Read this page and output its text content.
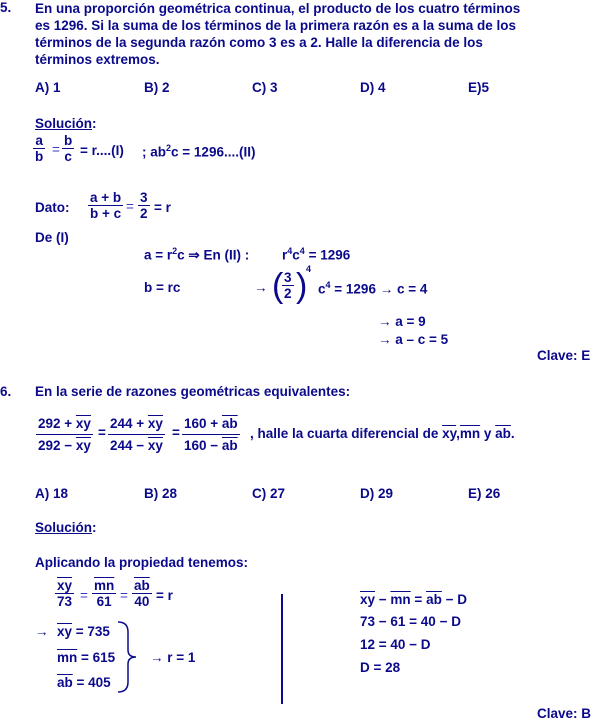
5. En una proporción geométrica continua, el producto de los cuatro términos
es 1296. Si la suma de los términos de la primera razón es a la suma de los
términos de la segunda razón como 3 es a 2. Halle la diferencia de los
términos extremos.
A) 1	B) 2	C) 3	D) 4	E)5
Solución:
$\frac{a}{b} = \frac{b}{c} = r....(I)$ ; $ab^2c = 1296....(II)$
Dato: $\frac{a + b}{b + c} = \frac{3}{2} = r$
De (I)
$a = r^2c$ ⇒ En (II) : $r^4c^4 = 1296$
b = rc	→ (
$\frac{3}{2}$ )
4
$c^4 = 1296 \to c = 4$
→ a = 9
→ a – c = 5
Clave: E
6. En la serie de razones geométricas equivalentes:
$\frac{292 + \overline{xy}}{292 - \overline{xy}} = \frac{244 + \overline{xy}}{244 - \overline{xy}} = \frac{160 + \overline{ab}}{160 - \overline{ab}}$ , halle la cuarta diferencial de $\overline{xy},\overline{mn}$ y $\overline{ab}$.
A) 18	B) 28	C) 27	D) 29	E) 26
Solución:
Aplicando la propiedad tenemos:
$\frac{\overline{xy}}{73} = \frac{\overline{mn}}{61} = \frac{\overline{ab}}{40} = r$
→ $\overline{xy} = 735$
$\overline{mn} = 615$
$\overline{ab} = 405$
→ r = 1
$\overline{xy} - \overline{mn} = \overline{ab} - D$
73 − 61 = 40 − D
12 = 40 − D
D = 28
Clave: B
